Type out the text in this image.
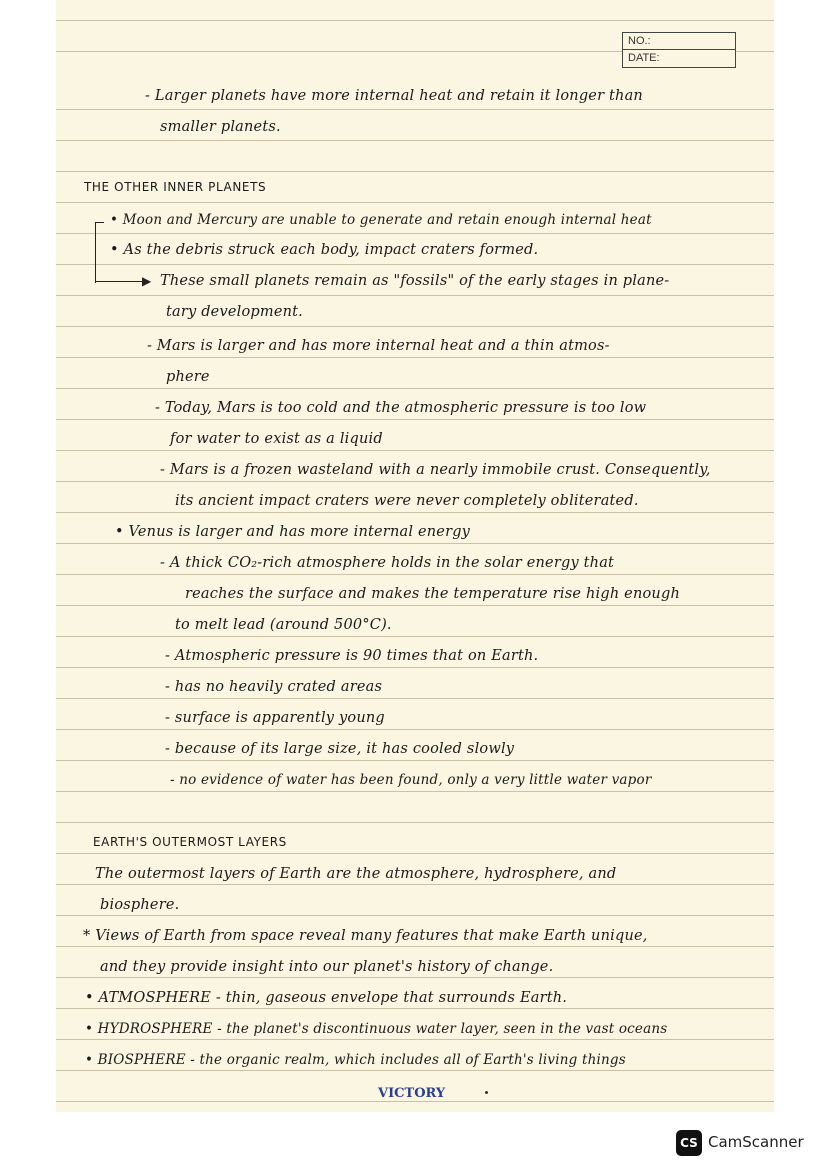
NO.:
DATE:
- Larger planets have more internal heat and retain it longer than
smaller planets.
THE OTHER INNER PLANETS
▶
• Moon and Mercury are unable to generate and retain enough internal heat
• As the debris struck each body, impact craters formed.
These small planets remain as "fossils" of the early stages in plane-
tary development.
- Mars is larger and has more internal heat and a thin atmos-
phere
- Today, Mars is too cold and the atmospheric pressure is too low
for water to exist as a liquid
- Mars is a frozen wasteland with a nearly immobile crust. Consequently,
its ancient impact craters were never completely obliterated.
• Venus is larger and has more internal energy
- A thick CO₂-rich atmosphere holds in the solar energy that
reaches the surface and makes the temperature rise high enough
to melt lead (around 500°C).
- Atmospheric pressure is 90 times that on Earth.
- has no heavily crated areas
- surface is apparently young
- because of its large size, it has cooled slowly
- no evidence of water has been found, only a very little water vapor
EARTH'S OUTERMOST LAYERS
The outermost layers of Earth are the atmosphere, hydrosphere, and
biosphere.
* Views of Earth from space reveal many features that make Earth unique,
and they provide insight into our planet's history of change.
• ATMOSPHERE - thin, gaseous envelope that surrounds Earth.
• HYDROSPHERE - the planet's discontinuous water layer, seen in the vast oceans
• BIOSPHERE - the organic realm, which includes all of Earth's living things
VICTORY
CS CamScanner
